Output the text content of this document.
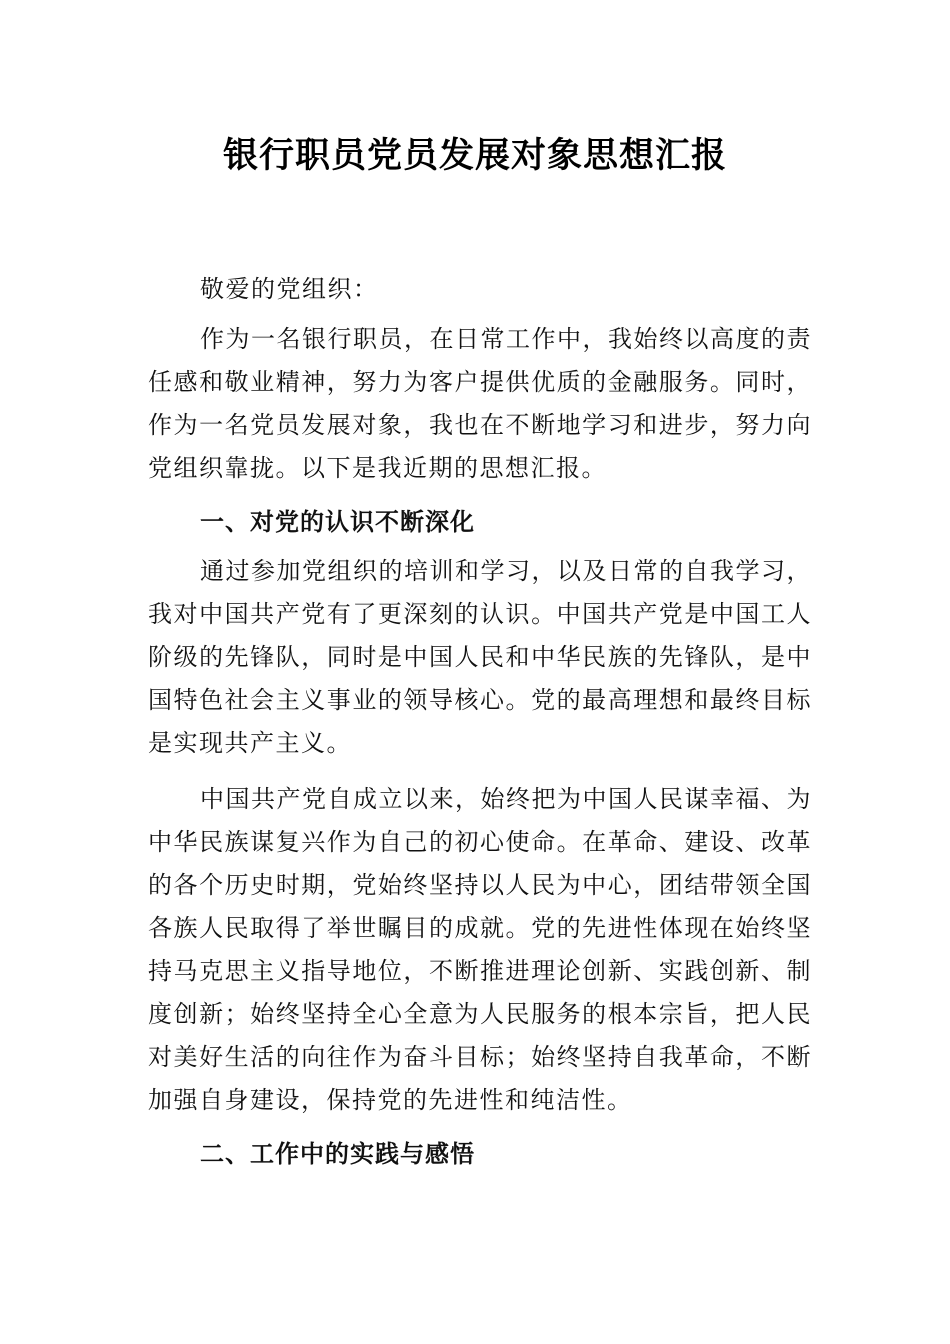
银行职员党员发展对象思想汇报

敬爱的党组织：

作为一名银行职员，在日常工作中，我始终以高度的责任感和敬业精神，努力为客户提供优质的金融服务。同时，作为一名党员发展对象，我也在不断地学习和进步，努力向党组织靠拢。以下是我近期的思想汇报。

一、对党的认识不断深化

通过参加党组织的培训和学习，以及日常的自我学习，我对中国共产党有了更深刻的认识。中国共产党是中国工人阶级的先锋队，同时是中国人民和中华民族的先锋队，是中国特色社会主义事业的领导核心。党的最高理想和最终目标是实现共产主义。

中国共产党自成立以来，始终把为中国人民谋幸福、为中华民族谋复兴作为自己的初心使命。在革命、建设、改革的各个历史时期，党始终坚持以人民为中心，团结带领全国各族人民取得了举世瞩目的成就。党的先进性体现在始终坚持马克思主义指导地位，不断推进理论创新、实践创新、制度创新；始终坚持全心全意为人民服务的根本宗旨，把人民对美好生活的向往作为奋斗目标；始终坚持自我革命，不断加强自身建设，保持党的先进性和纯洁性。

二、工作中的实践与感悟
